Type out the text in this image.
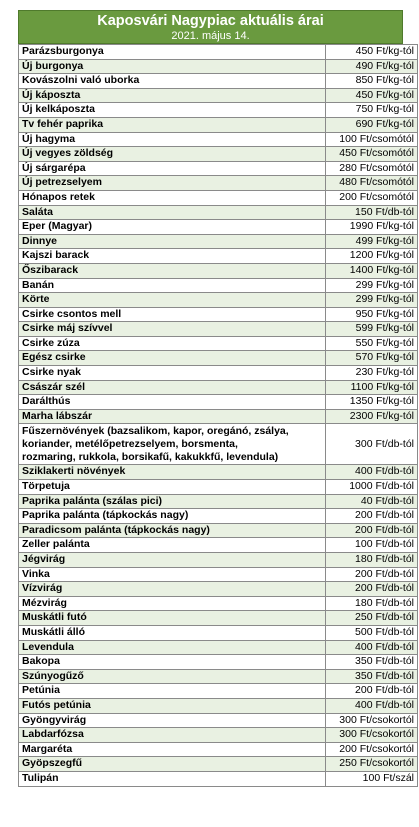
Kaposvári Nagypiac aktuális árai
2021. május 14.
Parázsburgonya	450 Ft/kg-tól
Új burgonya	490 Ft/kg-tól
Kovászolni való uborka	850 Ft/kg-tól
Új káposzta	450 Ft/kg-tól
Új kelkáposzta	750 Ft/kg-tól
Tv fehér paprika	690 Ft/kg-tól
Új hagyma	100 Ft/csomótól
Új vegyes zöldség	450 Ft/csomótól
Új sárgarépa	280 Ft/csomótól
Új petrezselyem	480 Ft/csomótól
Hónapos retek	200 Ft/csomótól
Saláta	150 Ft/db-tól
Eper (Magyar)	1990 Ft/kg-tól
Dinnye	499 Ft/kg-tól
Kajszi barack	1200 Ft/kg-tól
Őszibarack	1400 Ft/kg-tól
Banán	299 Ft/kg-tól
Körte	299 Ft/kg-tól
Csirke csontos mell	950 Ft/kg-tól
Csirke máj szívvel	599 Ft/kg-tól
Csirke zúza	550 Ft/kg-tól
Egész csirke	570 Ft/kg-tól
Csirke nyak	230 Ft/kg-tól
Császár szél	1100 Ft/kg-tól
Darálthús	1350 Ft/kg-tól
Marha lábszár	2300 Ft/kg-tól

Fűszernövények (bazsalikom, kapor, oregánó, zsálya,
koriander, metélőpetrezselyem, borsmenta,
rozmaring, rukkola, borsikafű, kakukkfű, levendula)	300 Ft/db-tól
Sziklakerti növények	400 Ft/db-tól
Törpetuja	1000 Ft/db-tól
Paprika palánta (szálas pici)	40 Ft/db-tól
Paprika palánta (tápkockás nagy)	200 Ft/db-tól
Paradicsom palánta (tápkockás nagy)	200 Ft/db-tól
Zeller palánta	100 Ft/db-tól
Jégvirág	180 Ft/db-tól
Vinka	200 Ft/db-tól
Vízvirág	200 Ft/db-tól
Mézvirág	180 Ft/db-tól
Muskátli futó	250 Ft/db-tól
Muskátli álló	500 Ft/db-tól
Levendula	400 Ft/db-tól
Bakopa	350 Ft/db-tól
Szúnyogűző	350 Ft/db-tól
Petúnia	200 Ft/db-tól
Futós petúnia	400 Ft/db-tól
Gyöngyvirág	300 Ft/csokortól
Labdarfózsa	300 Ft/csokortól
Margaréta	200 Ft/csokortól
Gyöpszegfű	250 Ft/csokortól
Tulipán	100 Ft/szál
